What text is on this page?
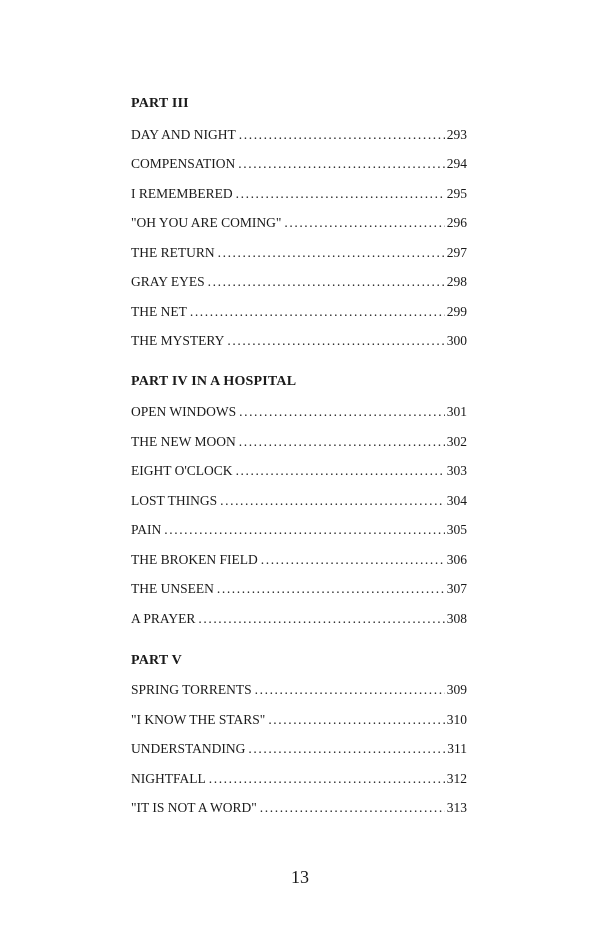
PART III
DAY AND NIGHT .....	293
COMPENSATION .....	294
I REMEMBERED .....	295
"OH YOU ARE COMING" .....	296
THE RETURN .....	297
GRAY EYES .....	298
THE NET .....	299
THE MYSTERY .....	300
PART IV IN A HOSPITAL
OPEN WINDOWS .....	301
THE NEW MOON .....	302
EIGHT O'CLOCK .....	303
LOST THINGS .....	304
PAIN .....	305
THE BROKEN FIELD .....	306
THE UNSEEN .....	307
A PRAYER .....	308
PART V
SPRING TORRENTS .....	309
"I KNOW THE STARS" .....	310
UNDERSTANDING .....	311
NIGHTFALL .....	312
"IT IS NOT A WORD" .....	313
13
